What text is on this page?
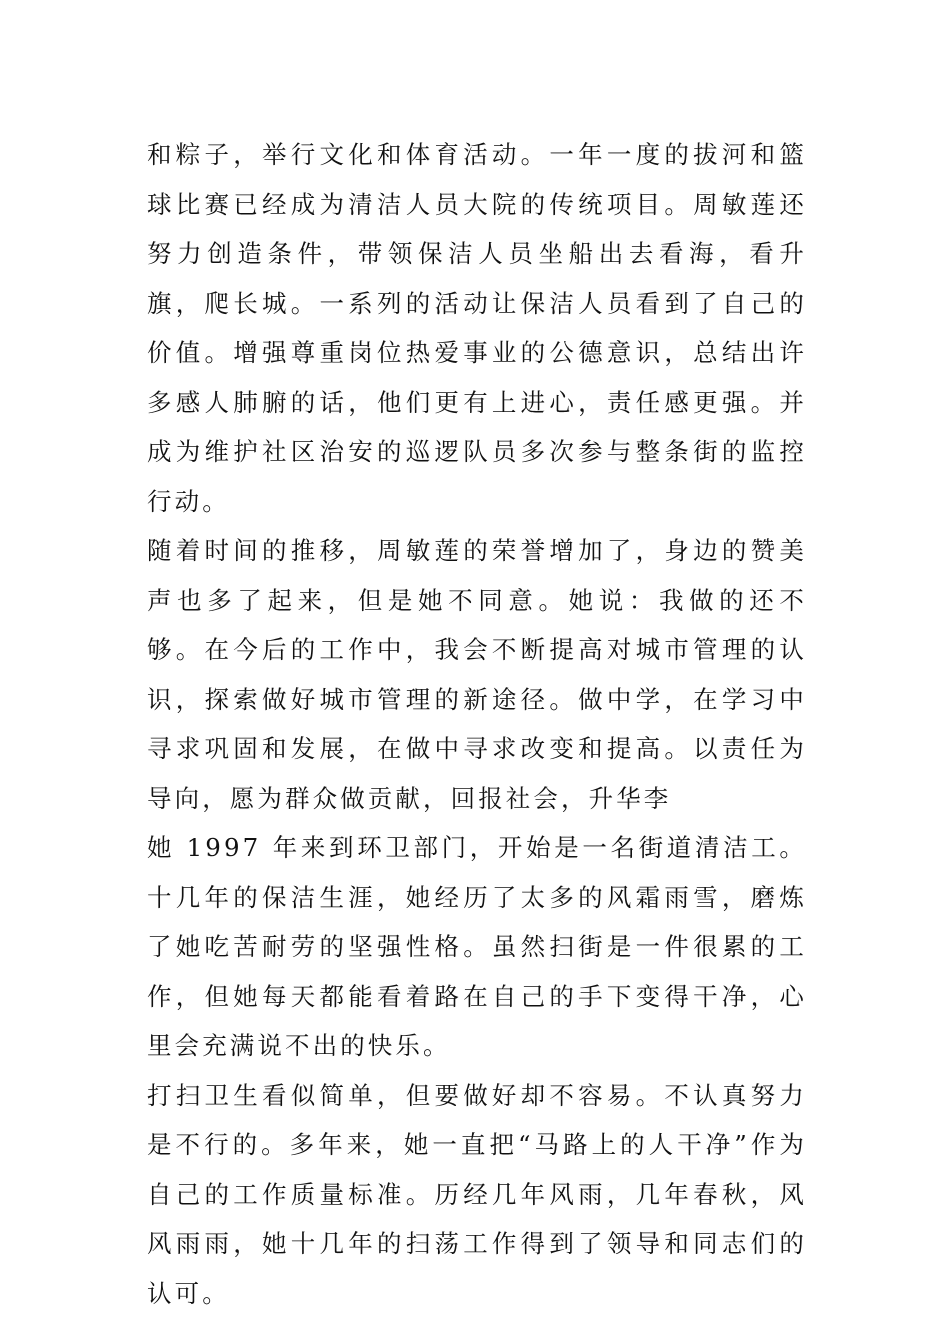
和粽子，举行文化和体育活动。一年一度的拔河和篮球比赛已经成为清洁人员大院的传统项目。周敏莲还努力创造条件，带领保洁人员坐船出去看海，看升旗，爬长城。一系列的活动让保洁人员看到了自己的价值。增强尊重岗位热爱事业的公德意识，总结出许多感人肺腑的话，他们更有上进心，责任感更强。并成为维护社区治安的巡逻队员多次参与整条街的监控行动。

随着时间的推移，周敏莲的荣誉增加了，身边的赞美声也多了起来，但是她不同意。她说：我做的还不够。在今后的工作中，我会不断提高对城市管理的认识，探索做好城市管理的新途径。做中学，在学习中寻求巩固和发展，在做中寻求改变和提高。以责任为导向，愿为群众做贡献，回报社会，升华李

她 1997 年来到环卫部门，开始是一名街道清洁工。十几年的保洁生涯，她经历了太多的风霜雨雪，磨炼了她吃苦耐劳的坚强性格。虽然扫街是一件很累的工作，但她每天都能看着路在自己的手下变得干净，心里会充满说不出的快乐。

打扫卫生看似简单，但要做好却不容易。不认真努力是不行的。多年来，她一直把“马路上的人干净”作为自己的工作质量标准。历经几年风雨，几年春秋，风风雨雨，她十几年的扫荡工作得到了领导和同志们的认可。
